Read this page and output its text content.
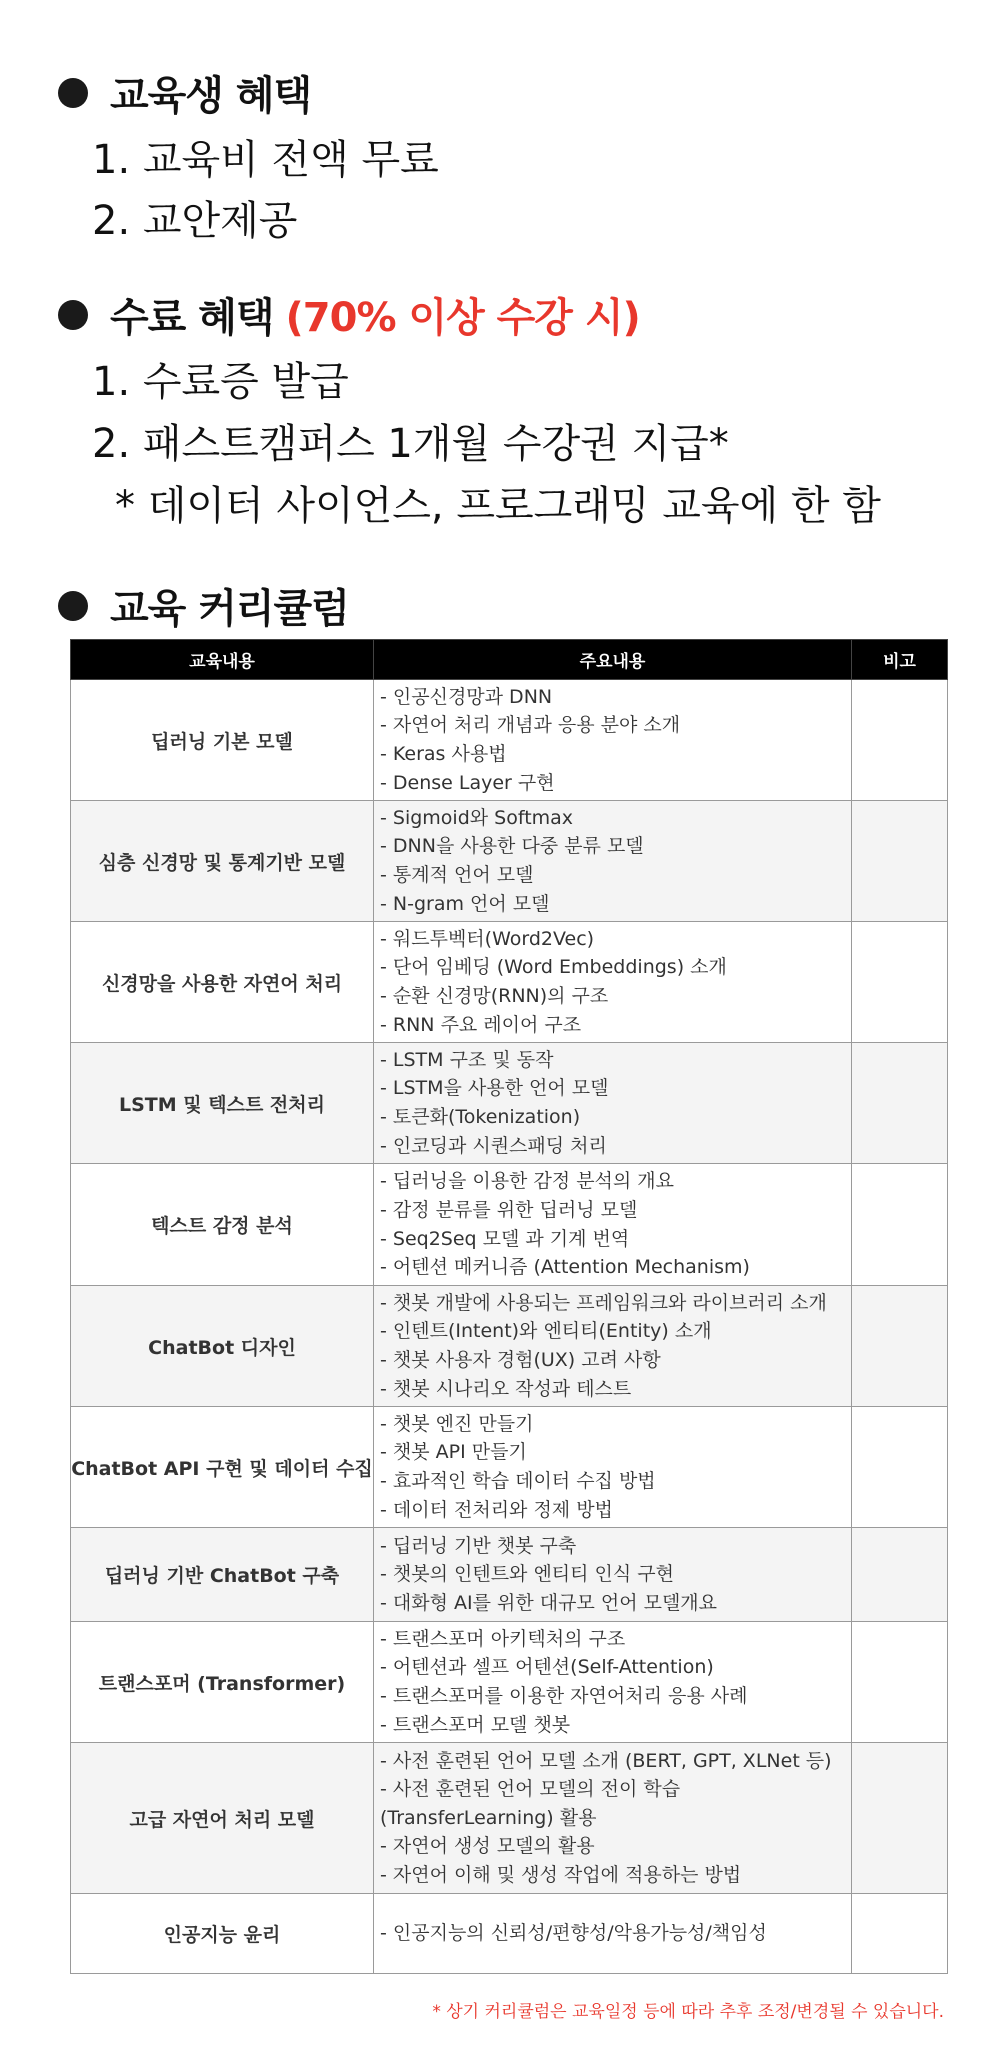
교육생 혜택
1. 교육비 전액 무료
2. 교안제공
수료 혜택 (70% 이상 수강 시)
1. 수료증 발급
2. 패스트캠퍼스 1개월 수강권 지급*
* 데이터 사이언스, 프로그래밍 교육에 한 함
교육 커리큘럼
교육내용	주요내용	비고
딥러닝 기본 모델	- 인공신경망과 DNN
- 자연어 처리 개념과 응용 분야 소개
- Keras 사용법
- Dense Layer 구현	

심층 신경망 및 통계기반 모델	- Sigmoid와 Softmax
- DNN을 사용한 다중 분류 모델
- 통계적 언어 모델
- N-gram 언어 모델	

신경망을 사용한 자연어 처리	- 워드투벡터(Word2Vec)
- 단어 임베딩 (Word Embeddings) 소개
- 순환 신경망(RNN)의 구조
- RNN 주요 레이어 구조	

LSTM 및 텍스트 전처리	- LSTM 구조 및 동작
- LSTM을 사용한 언어 모델
- 토큰화(Tokenization)
- 인코딩과 시퀀스패딩 처리	

텍스트 감정 분석	- 딥러닝을 이용한 감정 분석의 개요
- 감정 분류를 위한 딥러닝 모델
- Seq2Seq 모델 과 기계 번역
- 어텐션 메커니즘 (Attention Mechanism)	

ChatBot 디자인	- 챗봇 개발에 사용되는 프레임워크와 라이브러리 소개
- 인텐트(Intent)와 엔티티(Entity) 소개
- 챗봇 사용자 경험(UX) 고려 사항
- 챗봇 시나리오 작성과 테스트	

ChatBot API 구현 및 데이터 수집	- 챗봇 엔진 만들기
- 챗봇 API 만들기
- 효과적인 학습 데이터 수집 방법
- 데이터 전처리와 정제 방법	

딥러닝 기반 ChatBot 구축	- 딥러닝 기반 챗봇 구축
- 챗봇의 인텐트와 엔티티 인식 구현
- 대화형 AI를 위한 대규모 언어 모델개요	

트랜스포머 (Transformer)	- 트랜스포머 아키텍처의 구조
- 어텐션과 셀프 어텐션(Self-Attention)
- 트랜스포머를 이용한 자연어처리 응용 사례
- 트랜스포머 모델 챗봇	

고급 자연어 처리 모델	- 사전 훈련된 언어 모델 소개 (BERT, GPT, XLNet 등)
- 사전 훈련된 언어 모델의 전이 학습
(TransferLearning) 활용
- 자연어 생성 모델의 활용
- 자연어 이해 및 생성 작업에 적용하는 방법	

인공지능 윤리	- 인공지능의 신뢰성/편향성/악용가능성/책임성	

* 상기 커리큘럼은 교육일정 등에 따라 추후 조정/변경될 수 있습니다.
